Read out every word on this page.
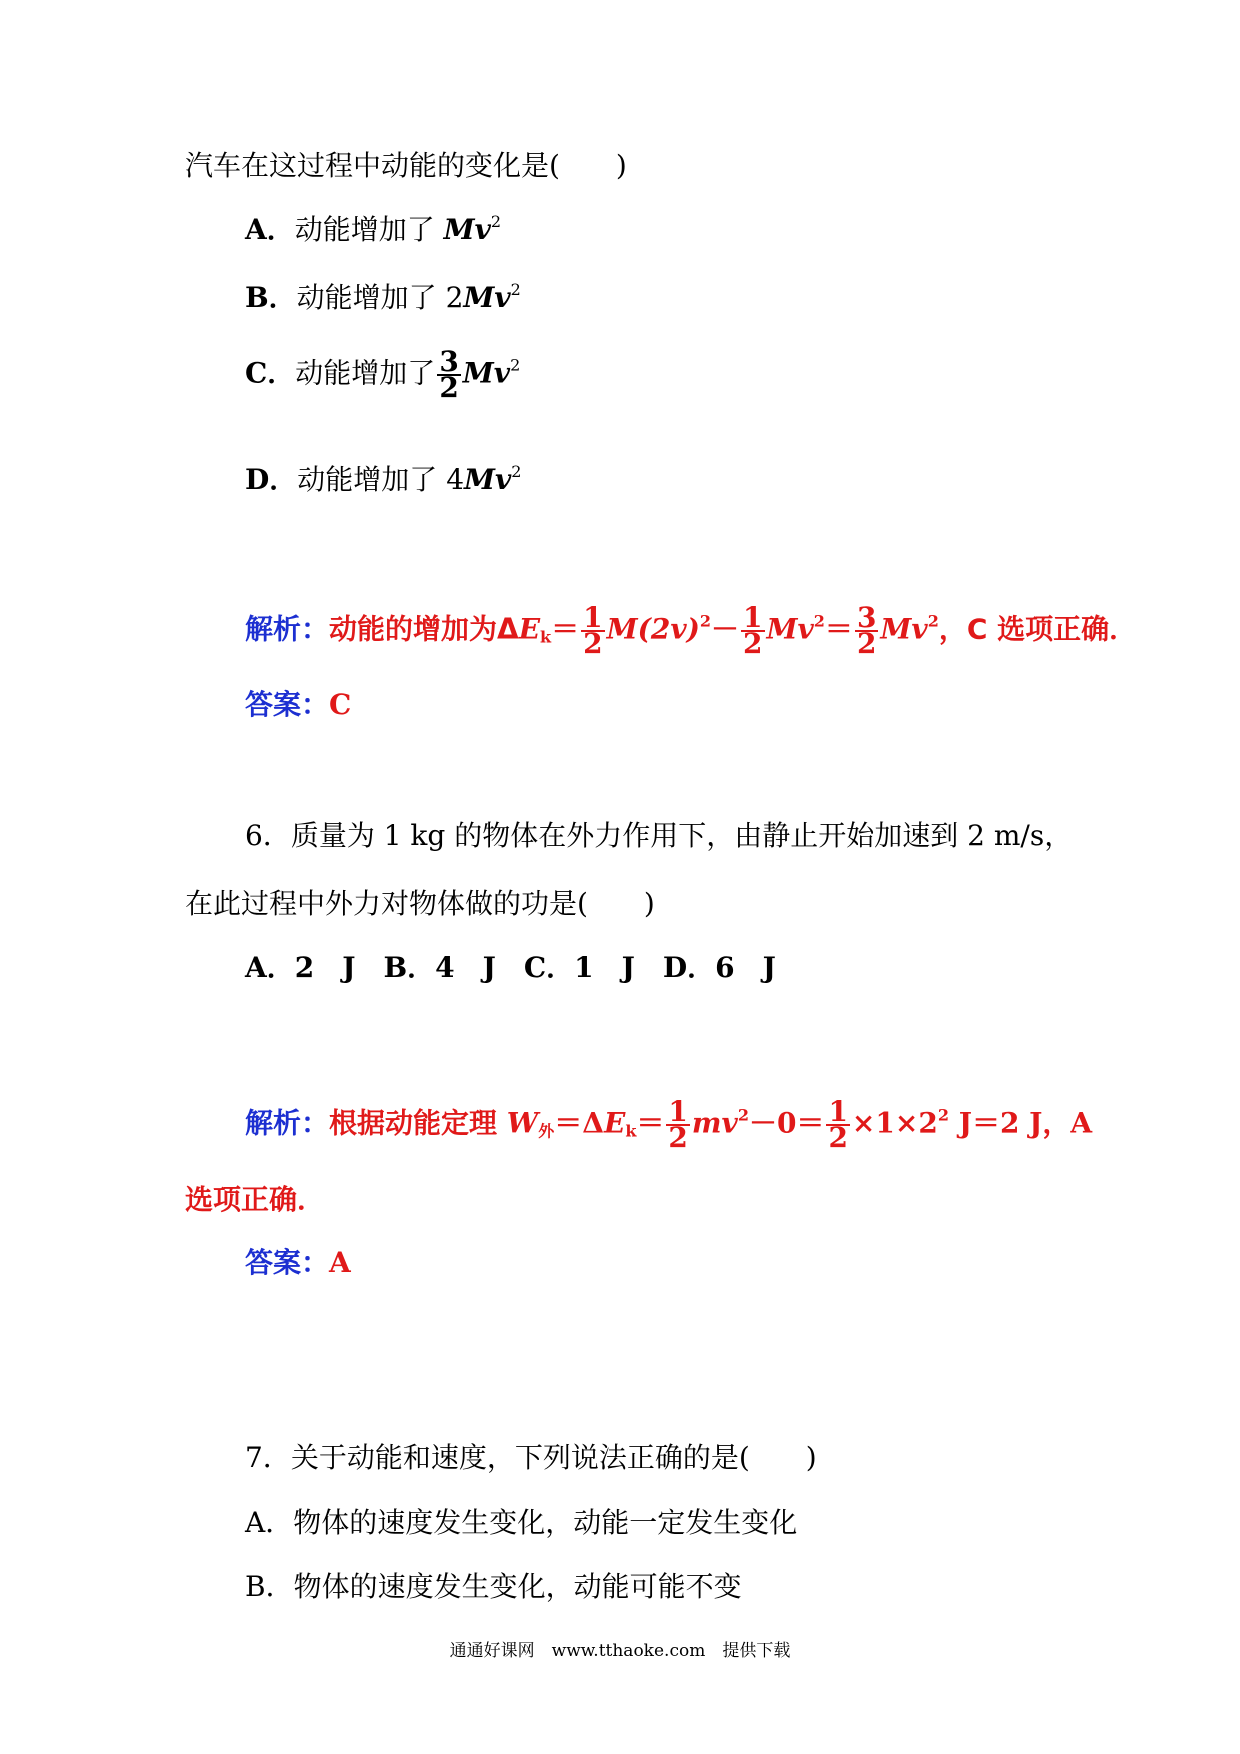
汽车在这过程中动能的变化是(　　)
A．动能增加了 Mv$^2$
B．动能增加了 2Mv$^2$
C．动能增加了 $\frac{3}{2} Mv^2$
D．动能增加了 4Mv$^2$
解析：动能的增加为$\Delta E_k= \frac{1}{2} M(2v)^2- \frac{1}{2} Mv^2= \frac{3}{2} Mv^2$，C 选项正确．
答案：C
6．质量为 1 kg 的物体在外力作用下，由静止开始加速到 2 m/s，
在此过程中外力对物体做的功是(　　)
A．2　J　B．4　J　C．1　J　D．6　J
解析：根据动能定理 $W_外=\Delta E_k= \frac{1}{2} mv^2-0= \frac{1}{2} \times 1\times 2^2$ J＝2 J，A
选项正确．
答案：A
7．关于动能和速度，下列说法正确的是(　　)
A．物体的速度发生变化，动能一定发生变化
B．物体的速度发生变化，动能可能不变
通通好课网　www.tthaoke.com　提供下载
